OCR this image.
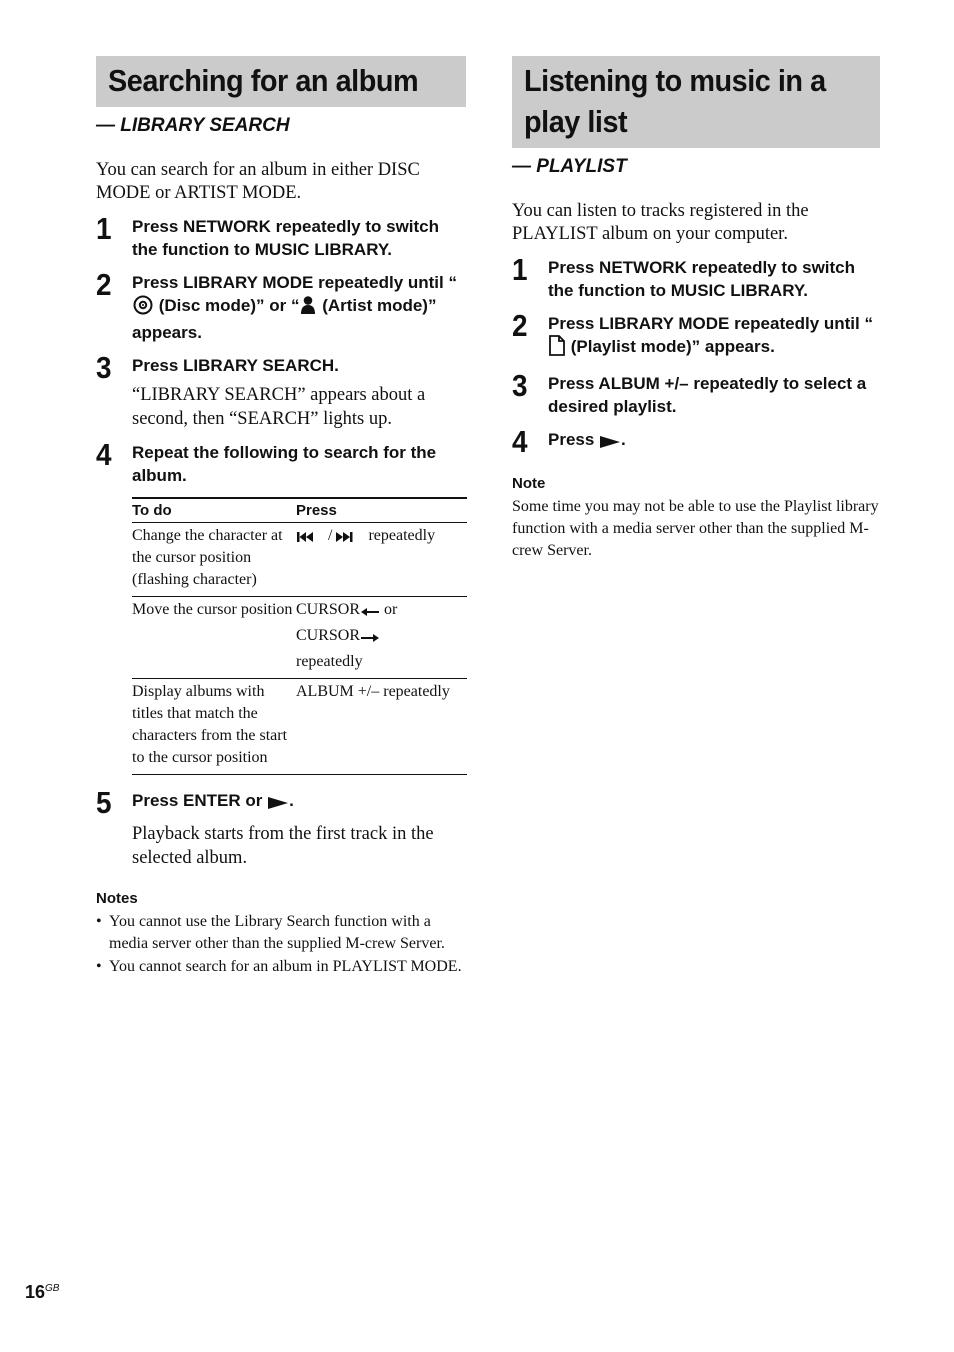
Searching for an album
— LIBRARY SEARCH
You can search for an album in either DISC MODE or ARTIST MODE.
1 Press NETWORK repeatedly to switch the function to MUSIC LIBRARY.
2 Press LIBRARY MODE repeatedly until “ (Disc mode)” or “ (Artist mode)” appears.
3 Press LIBRARY SEARCH.
“LIBRARY SEARCH” appears about a second, then “SEARCH” lights up.
4 Repeat the following to search for the album.
To do	Press
Change the character at the cursor position (flashing character)	/ repeatedly
Move the cursor position	CURSOR or
CURSOR
repeatedly

Display albums with titles that match the characters from the start to the cursor position	ALBUM +/– repeatedly
5 Press ENTER or .
Playback starts from the first track in the selected album.
Notes
• You cannot use the Library Search function with a media server other than the supplied M-crew Server.
• You cannot search for an album in PLAYLIST MODE.
Listening to music in a play list
— PLAYLIST
You can listen to tracks registered in the PLAYLIST album on your computer.
1 Press NETWORK repeatedly to switch the function to MUSIC LIBRARY.
2 Press LIBRARY MODE repeatedly until “ (Playlist mode)” appears.
3 Press ALBUM +/– repeatedly to select a desired playlist.
4 Press .
Note
Some time you may not be able to use the Playlist library function with a media server other than the supplied M-crew Server.
$16^{GB}$
